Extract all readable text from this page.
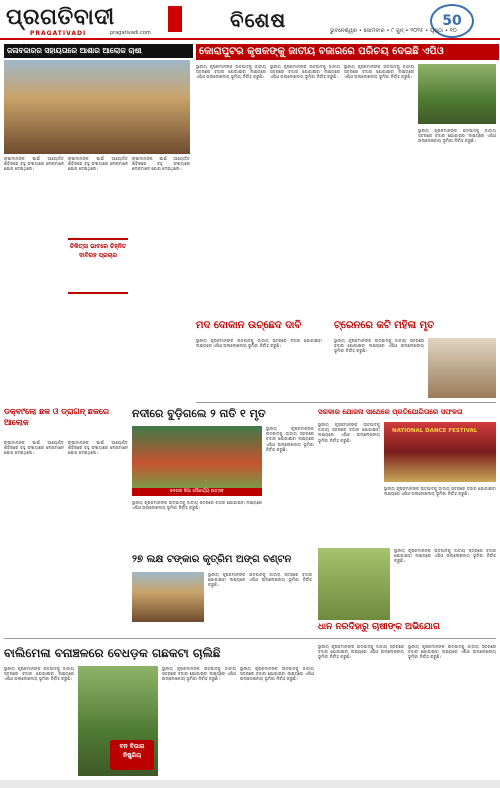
ପ୍ରଗତିବାଦୀ
PRAGATIVADI	pragativadi.com
ବିଶେଷ	50
ଭୁବନେଶ୍ୱର • ସୋମବାର • ୮ ଜୁନ୍ • ୨୦୨୫ • ପୃଷ୍ଠା • ୧୦
ଜଳାବଜାରର ସହାୟତାରେ ଆଶାର ଆଲୋକ ଚାଷୀ
ଚାଷୀମାନଙ୍କ ପାଇଁ ଆୟୋଜିତ ଶିବିରରେ ବହୁ ସଂଖ୍ୟାରେ ଲୋକମାନେ ଯୋଗ ଦେଇଥିଲେ।
ଚାଷୀମାନଙ୍କ ପାଇଁ ଆୟୋଜିତ ଶିବିରରେ ବହୁ ସଂଖ୍ୟାରେ ଲୋକମାନେ ଯୋଗ ଦେଇଥିଲେ।
ଚିକିତ୍ସା ଭାବରେ ଚିହ୍ନିତ ଦାବିରହ ପ୍ରଚାର
ଚାଷୀମାନଙ୍କ ପାଇଁ ଆୟୋଜିତ ଶିବିରରେ ବହୁ ସଂଖ୍ୟାରେ ଲୋକମାନେ ଯୋଗ ଦେଇଥିଲେ।
କୋରାପୁଟର କୃଷକଙ୍କୁ ଜାତୀୟ ବଜାରରେ ପରିଚୟ ଦେଇଛି ଏପିଓ
ସ୍ଥାନୀୟ କୃଷକମାନଙ୍କ ଉତ୍ପାଦକୁ ଜାତୀୟ ସ୍ତରରେ ବଜାର ଯୋଗାଇବା ଲକ୍ଷ୍ୟରେ ଏପିଓ ଉଲ୍ଲେଖନୀୟ ଭୂମିକା ନିର୍ବାହ କରୁଛି।
ସ୍ଥାନୀୟ କୃଷକମାନଙ୍କ ଉତ୍ପାଦକୁ ଜାତୀୟ ସ୍ତରରେ ବଜାର ଯୋଗାଇବା ଲକ୍ଷ୍ୟରେ ଏପିଓ ଉଲ୍ଲେଖନୀୟ ଭୂମିକା ନିର୍ବାହ କରୁଛି।
ସ୍ଥାନୀୟ କୃଷକମାନଙ୍କ ଉତ୍ପାଦକୁ ଜାତୀୟ ସ୍ତରରେ ବଜାର ଯୋଗାଇବା ଲକ୍ଷ୍ୟରେ ଏପିଓ ଉଲ୍ଲେଖନୀୟ ଭୂମିକା ନିର୍ବାହ କରୁଛି।
ସ୍ଥାନୀୟ କୃଷକମାନଙ୍କ ଉତ୍ପାଦକୁ ଜାତୀୟ ସ୍ତରରେ ବଜାର ଯୋଗାଇବା ଲକ୍ଷ୍ୟରେ ଏପିଓ ଉଲ୍ଲେଖନୀୟ ଭୂମିକା ନିର୍ବାହ କରୁଛି।
ମଦ ଦୋକାନ ଉଚ୍ଛେଦ ଦାବି	ଟ୍ରେନରେ କଟି ମହିଳା ମୃତ
ସ୍ଥାନୀୟ କୃଷକମାନଙ୍କ ଉତ୍ପାଦକୁ ଜାତୀୟ ସ୍ତରରେ ବଜାର ଯୋଗାଇବା ଲକ୍ଷ୍ୟରେ ଏପିଓ ଉଲ୍ଲେଖନୀୟ ଭୂମିକା ନିର୍ବାହ କରୁଛି।
ସ୍ଥାନୀୟ କୃଷକମାନଙ୍କ ଉତ୍ପାଦକୁ ଜାତୀୟ ସ୍ତରରେ ବଜାର ଯୋଗାଇବା ଲକ୍ଷ୍ୟରେ ଏପିଓ ଉଲ୍ଲେଖନୀୟ ଭୂମିକା ନିର୍ବାହ କରୁଛି।
ଡକ୍‌ବାଂଲୋ ଛକ ଓ ଡ୍ରାଗନ୍ ଛକରେ ଆଲୋକ
ଚାଷୀମାନଙ୍କ ପାଇଁ ଆୟୋଜିତ ଶିବିରରେ ବହୁ ସଂଖ୍ୟାରେ ଲୋକମାନେ ଯୋଗ ଦେଇଥିଲେ।
ଚାଷୀମାନଙ୍କ ପାଇଁ ଆୟୋଜିତ ଶିବିରରେ ବହୁ ସଂଖ୍ୟାରେ ଲୋକମାନେ ଯୋଗ ଦେଇଥିଲେ।
ନଦୀରେ ବୁଡ଼ିଗଲେ ୨ ନାତି ୧ ମୃତ
ଦେଶର ଜିଆ ସୌନ୍ଦର୍ଯ୍ୟ ଉତ୍ସବ
ସ୍ଥାନୀୟ କୃଷକମାନଙ୍କ ଉତ୍ପାଦକୁ ଜାତୀୟ ସ୍ତରରେ ବଜାର ଯୋଗାଇବା ଲକ୍ଷ୍ୟରେ ଏପିଓ ଉଲ୍ଲେଖନୀୟ ଭୂମିକା ନିର୍ବାହ କରୁଛି।
ସ୍ଥାନୀୟ କୃଷକମାନଙ୍କ ଉତ୍ପାଦକୁ ଜାତୀୟ ସ୍ତରରେ ବଜାର ଯୋଗାଇବା ଲକ୍ଷ୍ୟରେ ଏପିଓ ଉଲ୍ଲେଖନୀୟ ଭୂମିକା ନିର୍ବାହ କରୁଛି।
ସରକାର ଯୋଜନା ସାଥେରେ ପ୍ରତିଯୋଗିତାରେ ସଫଳତା
ସ୍ଥାନୀୟ କୃଷକମାନଙ୍କ ଉତ୍ପାଦକୁ ଜାତୀୟ ସ୍ତରରେ ବଜାର ଯୋଗାଇବା ଲକ୍ଷ୍ୟରେ ଏପିଓ ଉଲ୍ଲେଖନୀୟ ଭୂମିକା ନିର୍ବାହ କରୁଛି।
NATIONAL DANCE FESTIVAL
ସ୍ଥାନୀୟ କୃଷକମାନଙ୍କ ଉତ୍ପାଦକୁ ଜାତୀୟ ସ୍ତରରେ ବଜାର ଯୋଗାଇବା ଲକ୍ଷ୍ୟରେ ଏପିଓ ଉଲ୍ଲେଖନୀୟ ଭୂମିକା ନିର୍ବାହ କରୁଛି।
୨୭ ଲକ୍ଷ ଟଙ୍କାର କୃତ୍ରିମ ଅଙ୍ଗ ବଣ୍ଟନ
ସ୍ଥାନୀୟ କୃଷକମାନଙ୍କ ଉତ୍ପାଦକୁ ଜାତୀୟ ସ୍ତରରେ ବଜାର ଯୋଗାଇବା ଲକ୍ଷ୍ୟରେ ଏପିଓ ଉଲ୍ଲେଖନୀୟ ଭୂମିକା ନିର୍ବାହ କରୁଛି।
ସ୍ଥାନୀୟ କୃଷକମାନଙ୍କ ଉତ୍ପାଦକୁ ଜାତୀୟ ସ୍ତରରେ ବଜାର ଯୋଗାଇବା ଲକ୍ଷ୍ୟରେ ଏପିଓ ଉଲ୍ଲେଖନୀୟ ଭୂମିକା ନିର୍ବାହ କରୁଛି।
ଧାନ ନରଦିହାରୁ ଚାଷୀଙ୍କ ଅଭିଯୋଗ
ବାଲିମେଳା ବନାଞ୍ଚଳରେ ବେଧଡ଼କ ଗଛକଟା ଚାଲିଛି
ସ୍ଥାନୀୟ କୃଷକମାନଙ୍କ ଉତ୍ପାଦକୁ ଜାତୀୟ ସ୍ତରରେ ବଜାର ଯୋଗାଇବା ଲକ୍ଷ୍ୟରେ ଏପିଓ ଉଲ୍ଲେଖନୀୟ ଭୂମିକା ନିର୍ବାହ କରୁଛି।
ବନ ବିଭାଗ ନିଷ୍କ୍ରିୟ
ସ୍ଥାନୀୟ କୃଷକମାନଙ୍କ ଉତ୍ପାଦକୁ ଜାତୀୟ ସ୍ତରରେ ବଜାର ଯୋଗାଇବା ଲକ୍ଷ୍ୟରେ ଏପିଓ ଉଲ୍ଲେଖନୀୟ ଭୂମିକା ନିର୍ବାହ କରୁଛି।
ସ୍ଥାନୀୟ କୃଷକମାନଙ୍କ ଉତ୍ପାଦକୁ ଜାତୀୟ ସ୍ତରରେ ବଜାର ଯୋଗାଇବା ଲକ୍ଷ୍ୟରେ ଏପିଓ ଉଲ୍ଲେଖନୀୟ ଭୂମିକା ନିର୍ବାହ କରୁଛି।
ସ୍ଥାନୀୟ କୃଷକମାନଙ୍କ ଉତ୍ପାଦକୁ ଜାତୀୟ ସ୍ତରରେ ବଜାର ଯୋଗାଇବା ଲକ୍ଷ୍ୟରେ ଏପିଓ ଉଲ୍ଲେଖନୀୟ ଭୂମିକା ନିର୍ବାହ କରୁଛି।
ସ୍ଥାନୀୟ କୃଷକମାନଙ୍କ ଉତ୍ପାଦକୁ ଜାତୀୟ ସ୍ତରରେ ବଜାର ଯୋଗାଇବା ଲକ୍ଷ୍ୟରେ ଏପିଓ ଉଲ୍ଲେଖନୀୟ ଭୂମିକା ନିର୍ବାହ କରୁଛି।
